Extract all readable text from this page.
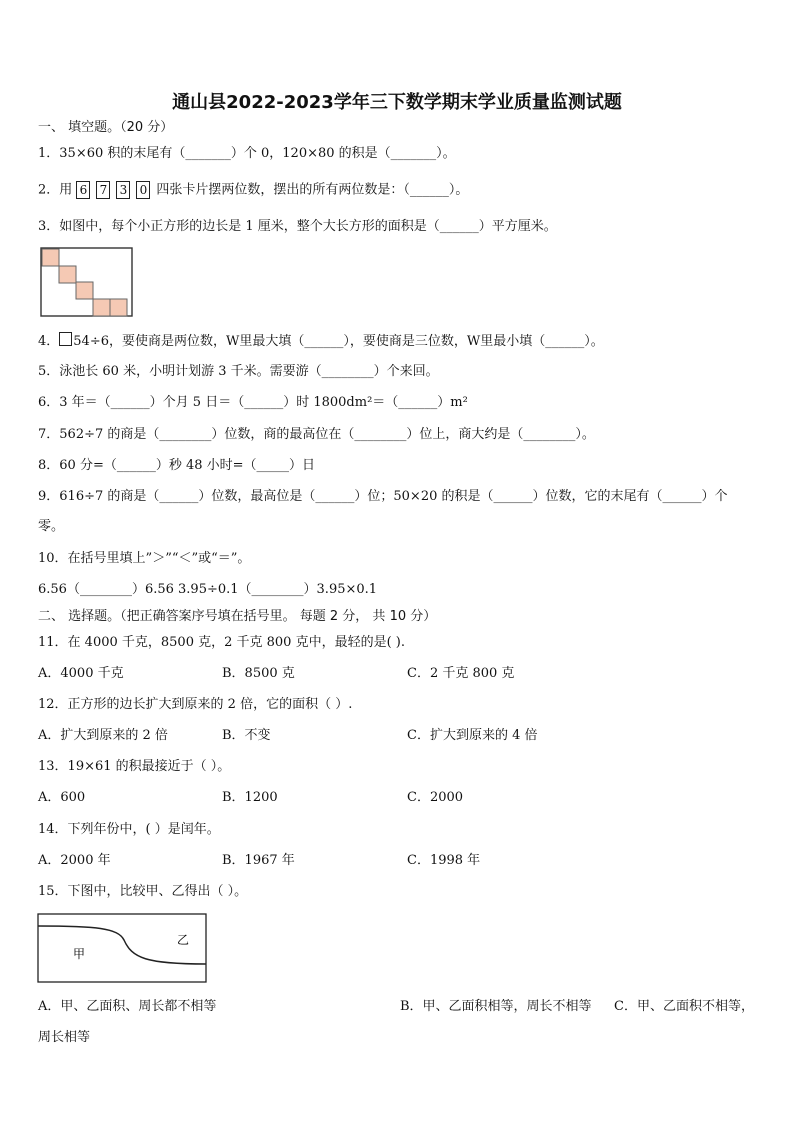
通山县2022-2023学年三下数学期末学业质量监测试题
一、 填空题。（20 分）
1．35×60 积的末尾有（_______）个 0，120×80 的积是（_______）。
2．用 6 7 3 0 四张卡片摆两位数，摆出的所有两位数是：（______）。
3．如图中，每个小正方形的边长是 1 厘米，整个大长方形的面积是（______）平方厘米。
4． 54÷6，要使商是两位数，W里最大填（______），要使商是三位数，W里最小填（______）。
5．泳池长 60 米，小明计划游 3 千米。需要游（________）个来回。
6．3 年＝（______）个月 5 日＝（______）时 1800dm²＝（______）m²
7．562÷7 的商是（________）位数，商的最高位在（________）位上，商大约是（________）。
8．60 分=（______）秒 48 小时=（_____）日
9．616÷7 的商是（______）位数，最高位是（______）位；50×20 的积是（______）位数，它的末尾有（______）个
零。
10．在括号里填上”＞”“＜”或“＝”。
6.56（________）6.56 3.95÷0.1（________）3.95×0.1
二、 选择题。（把正确答案序号填在括号里。 每题 2 分， 共 10 分）
11．在 4000 千克，8500 克，2 千克 800 克中，最轻的是( ).
A．4000 千克	B．8500 克	C．2 千克 800 克
12．正方形的边长扩大到原来的 2 倍，它的面积（ ）.
A．扩大到原来的 2 倍	B．不变	C．扩大到原来的 4 倍
13．19×61 的积最接近于（ ）。
A．600	B．1200	C．2000
14．下列年份中，( ）是闰年。
A．2000 年	B．1967 年	C．1998 年
15．下图中，比较甲、乙得出（ ）。
甲
乙
A．甲、乙面积、周长都不相等	B．甲、乙面积相等，周长不相等 C．甲、乙面积不相等，
周长相等
